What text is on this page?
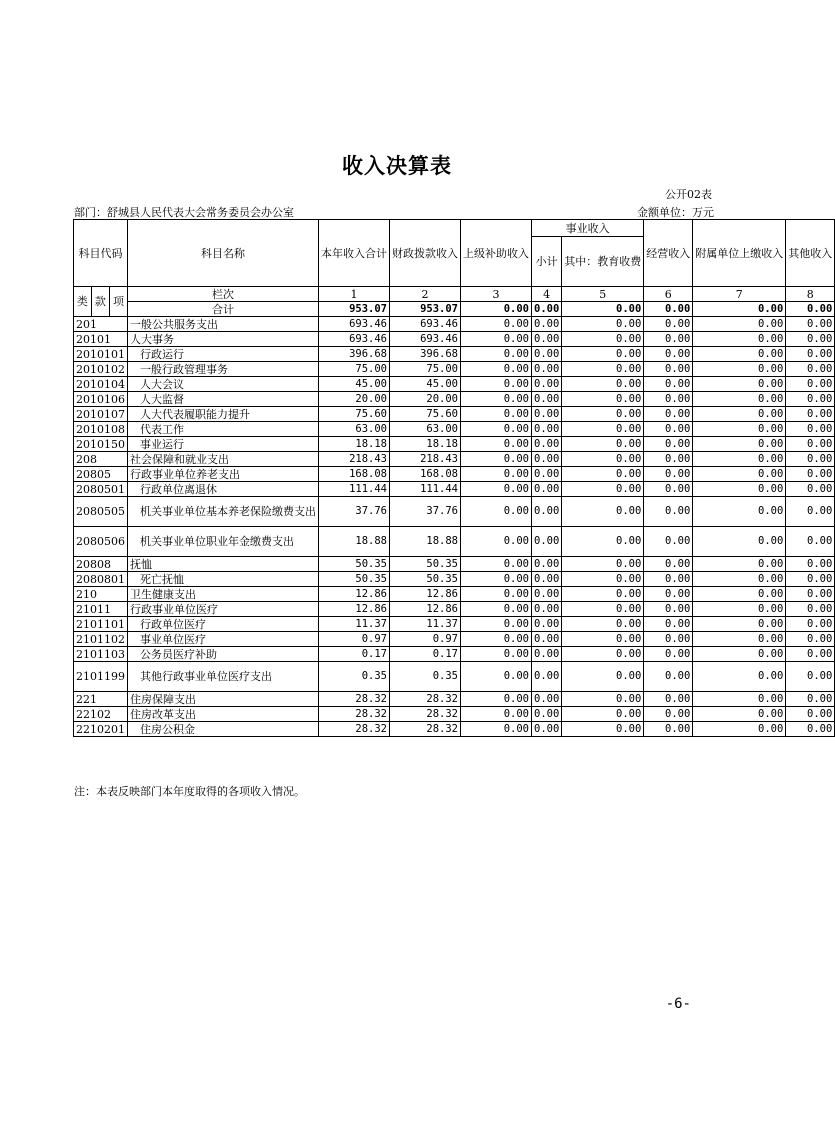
收入决算表
公开02表
部门：舒城县人民代表大会常务委员会办公室	金额单位：万元
科目代码			科目名称	本年收入合计	财政拨款收入	上级补助收入	事业收入		经营收入	附属单位上缴收入	其他收入
							小计	其中：教育收费			
类	款	项	栏次	1	2	3	4	5	6	7	8
			合计	953.07	953.07	0.00	0.00	0.00	0.00	0.00	0.00
201			一般公共服务支出	693.46	693.46	0.00	0.00	0.00	0.00	0.00	0.00
20101			人大事务	693.46	693.46	0.00	0.00	0.00	0.00	0.00	0.00
2010101			行政运行	396.68	396.68	0.00	0.00	0.00	0.00	0.00	0.00
2010102			一般行政管理事务	75.00	75.00	0.00	0.00	0.00	0.00	0.00	0.00
2010104			人大会议	45.00	45.00	0.00	0.00	0.00	0.00	0.00	0.00
2010106			人大监督	20.00	20.00	0.00	0.00	0.00	0.00	0.00	0.00
2010107			人大代表履职能力提升	75.60	75.60	0.00	0.00	0.00	0.00	0.00	0.00
2010108			代表工作	63.00	63.00	0.00	0.00	0.00	0.00	0.00	0.00
2010150			事业运行	18.18	18.18	0.00	0.00	0.00	0.00	0.00	0.00
208			社会保障和就业支出	218.43	218.43	0.00	0.00	0.00	0.00	0.00	0.00
20805			行政事业单位养老支出	168.08	168.08	0.00	0.00	0.00	0.00	0.00	0.00
2080501			行政单位离退休	111.44	111.44	0.00	0.00	0.00	0.00	0.00	0.00
2080505			机关事业单位基本养老保险缴费支出	37.76	37.76	0.00	0.00	0.00	0.00	0.00	0.00
2080506			机关事业单位职业年金缴费支出	18.88	18.88	0.00	0.00	0.00	0.00	0.00	0.00
20808			抚恤	50.35	50.35	0.00	0.00	0.00	0.00	0.00	0.00
2080801			死亡抚恤	50.35	50.35	0.00	0.00	0.00	0.00	0.00	0.00
210			卫生健康支出	12.86	12.86	0.00	0.00	0.00	0.00	0.00	0.00
21011			行政事业单位医疗	12.86	12.86	0.00	0.00	0.00	0.00	0.00	0.00
2101101			行政单位医疗	11.37	11.37	0.00	0.00	0.00	0.00	0.00	0.00
2101102			事业单位医疗	0.97	0.97	0.00	0.00	0.00	0.00	0.00	0.00
2101103			公务员医疗补助	0.17	0.17	0.00	0.00	0.00	0.00	0.00	0.00
2101199			其他行政事业单位医疗支出	0.35	0.35	0.00	0.00	0.00	0.00	0.00	0.00
221			住房保障支出	28.32	28.32	0.00	0.00	0.00	0.00	0.00	0.00
22102			住房改革支出	28.32	28.32	0.00	0.00	0.00	0.00	0.00	0.00
2210201			住房公积金	28.32	28.32	0.00	0.00	0.00	0.00	0.00	0.00
注：本表反映部门本年度取得的各项收入情况。
-6-
